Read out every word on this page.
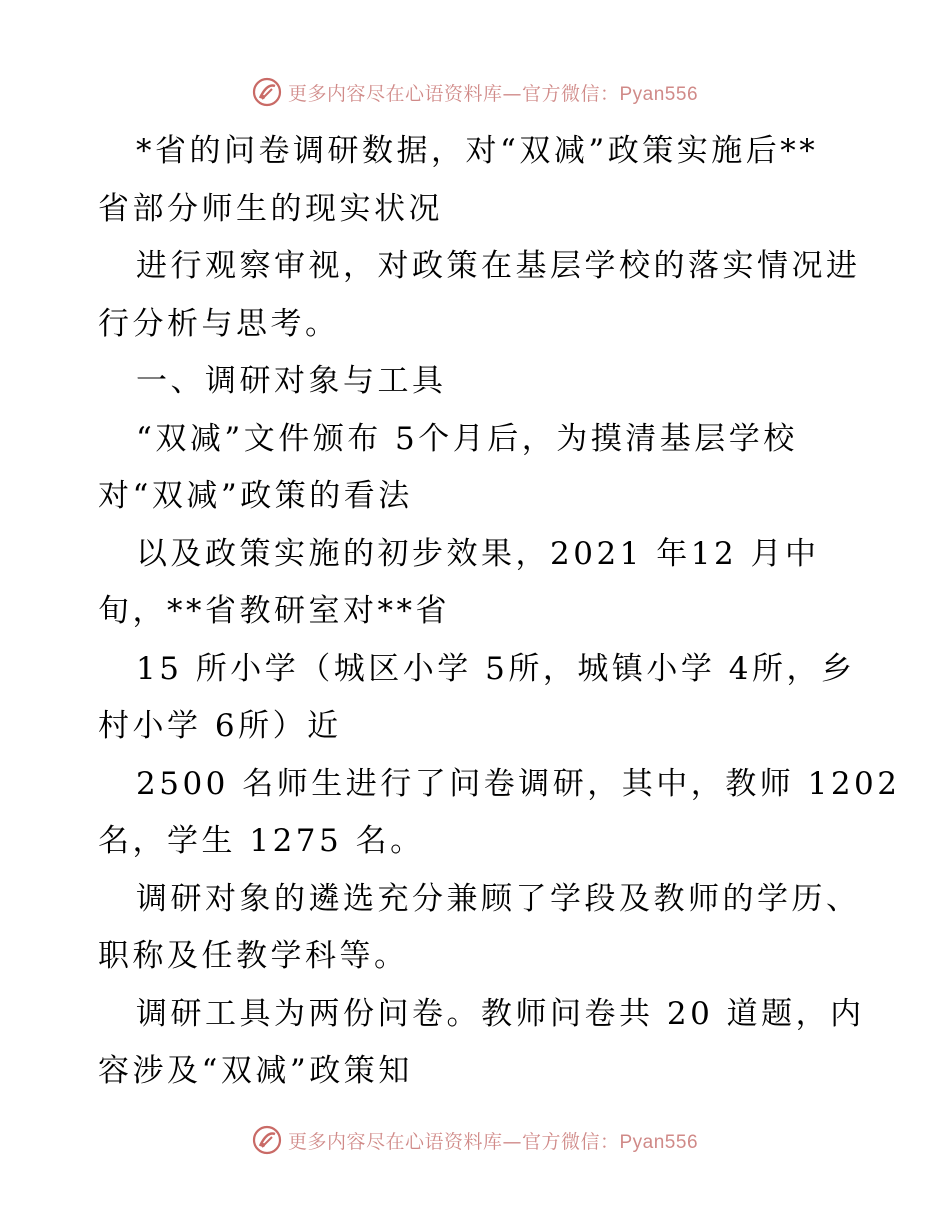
更多内容尽在心语资料库—官方微信：Pyan556
*省的问卷调研数据，对“双减”政策实施后**
省部分师生的现实状况
进行观察审视，对政策在基层学校的落实情况进
行分析与思考。
一、调研对象与工具
“双减”文件颁布 5个月后，为摸清基层学校
对“双减”政策的看法
以及政策实施的初步效果，2021 年12 月中
旬，**省教研室对**省
15 所小学（城区小学 5所，城镇小学 4所，乡
村小学 6所）近
2500 名师生进行了问卷调研，其中，教师 1202
名，学生 1275 名。
调研对象的遴选充分兼顾了学段及教师的学历、
职称及任教学科等。
调研工具为两份问卷。教师问卷共 20 道题，内
容涉及“双减”政策知
更多内容尽在心语资料库—官方微信：Pyan556
